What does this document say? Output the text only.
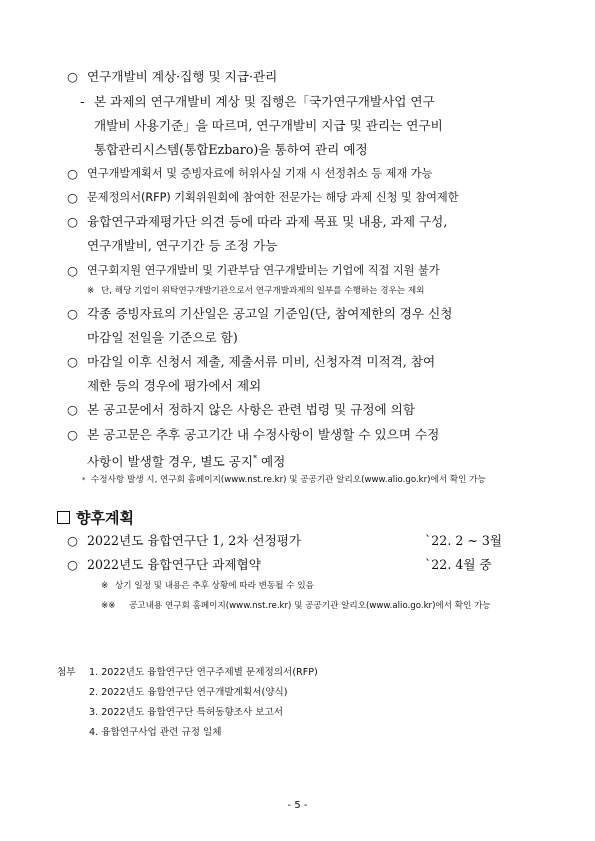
○ 연구개발비 계상·집행 및 지급·관리
- 본 과제의 연구개발비 계상 및 집행은「국가연구개발사업 연구
개발비 사용기준」을 따르며, 연구개발비 지급 및 관리는 연구비
통합관리시스템(통합Ezbaro)을 통하여 관리 예정
○ 연구개발계획서 및 증빙자료에 허위사실 기재 시 선정취소 등 제재 가능
○ 문제정의서(RFP) 기획위원회에 참여한 전문가는 해당 과제 신청 및 참여제한
○ 융합연구과제평가단 의견 등에 따라 과제 목표 및 내용, 과제 구성,
연구개발비, 연구기간 등 조정 가능
○ 연구회지원 연구개발비 및 기관부담 연구개발비는 기업에 직접 지원 불가
※ 단, 해당 기업이 위탁연구개발기관으로서 연구개발과제의 일부를 수행하는 경우는 제외
○ 각종 증빙자료의 기산일은 공고일 기준임(단, 참여제한의 경우 신청
마감일 전일을 기준으로 함)
○ 마감일 이후 신청서 제출, 제출서류 미비, 신청자격 미적격, 참여
제한 등의 경우에 평가에서 제외
○ 본 공고문에서 정하지 않은 사항은 관련 법령 및 규정에 의함
○ 본 공고문은 추후 공고기간 내 수정사항이 발생할 수 있으며 수정
사항이 발생할 경우, 별도 공지* 예정
* 수정사항 발생 시, 연구회 홈페이지(www.nst.re.kr) 및 공공기관 알리오(www.alio.go.kr)에서 확인 가능
향후계획
○ 2022년도 융합연구단 1, 2차 선정평가	`22. 2 ~ 3월
○ 2022년도 융합연구단 과제협약	`22. 4월 중
※ 상기 일정 및 내용은 추후 상황에 따라 변동될 수 있음
※※ 공고내용 연구회 홈페이지(www.nst.re.kr) 및 공공기관 알리오(www.alio.go.kr)에서 확인 가능
첨부 1. 2022년도 융합연구단 연구주제별 문제정의서(RFP)
2. 2022년도 융합연구단 연구개발계획서(양식)
3. 2022년도 융합연구단 특허동향조사 보고서
4. 융합연구사업 관련 규정 일체
- 5 -
